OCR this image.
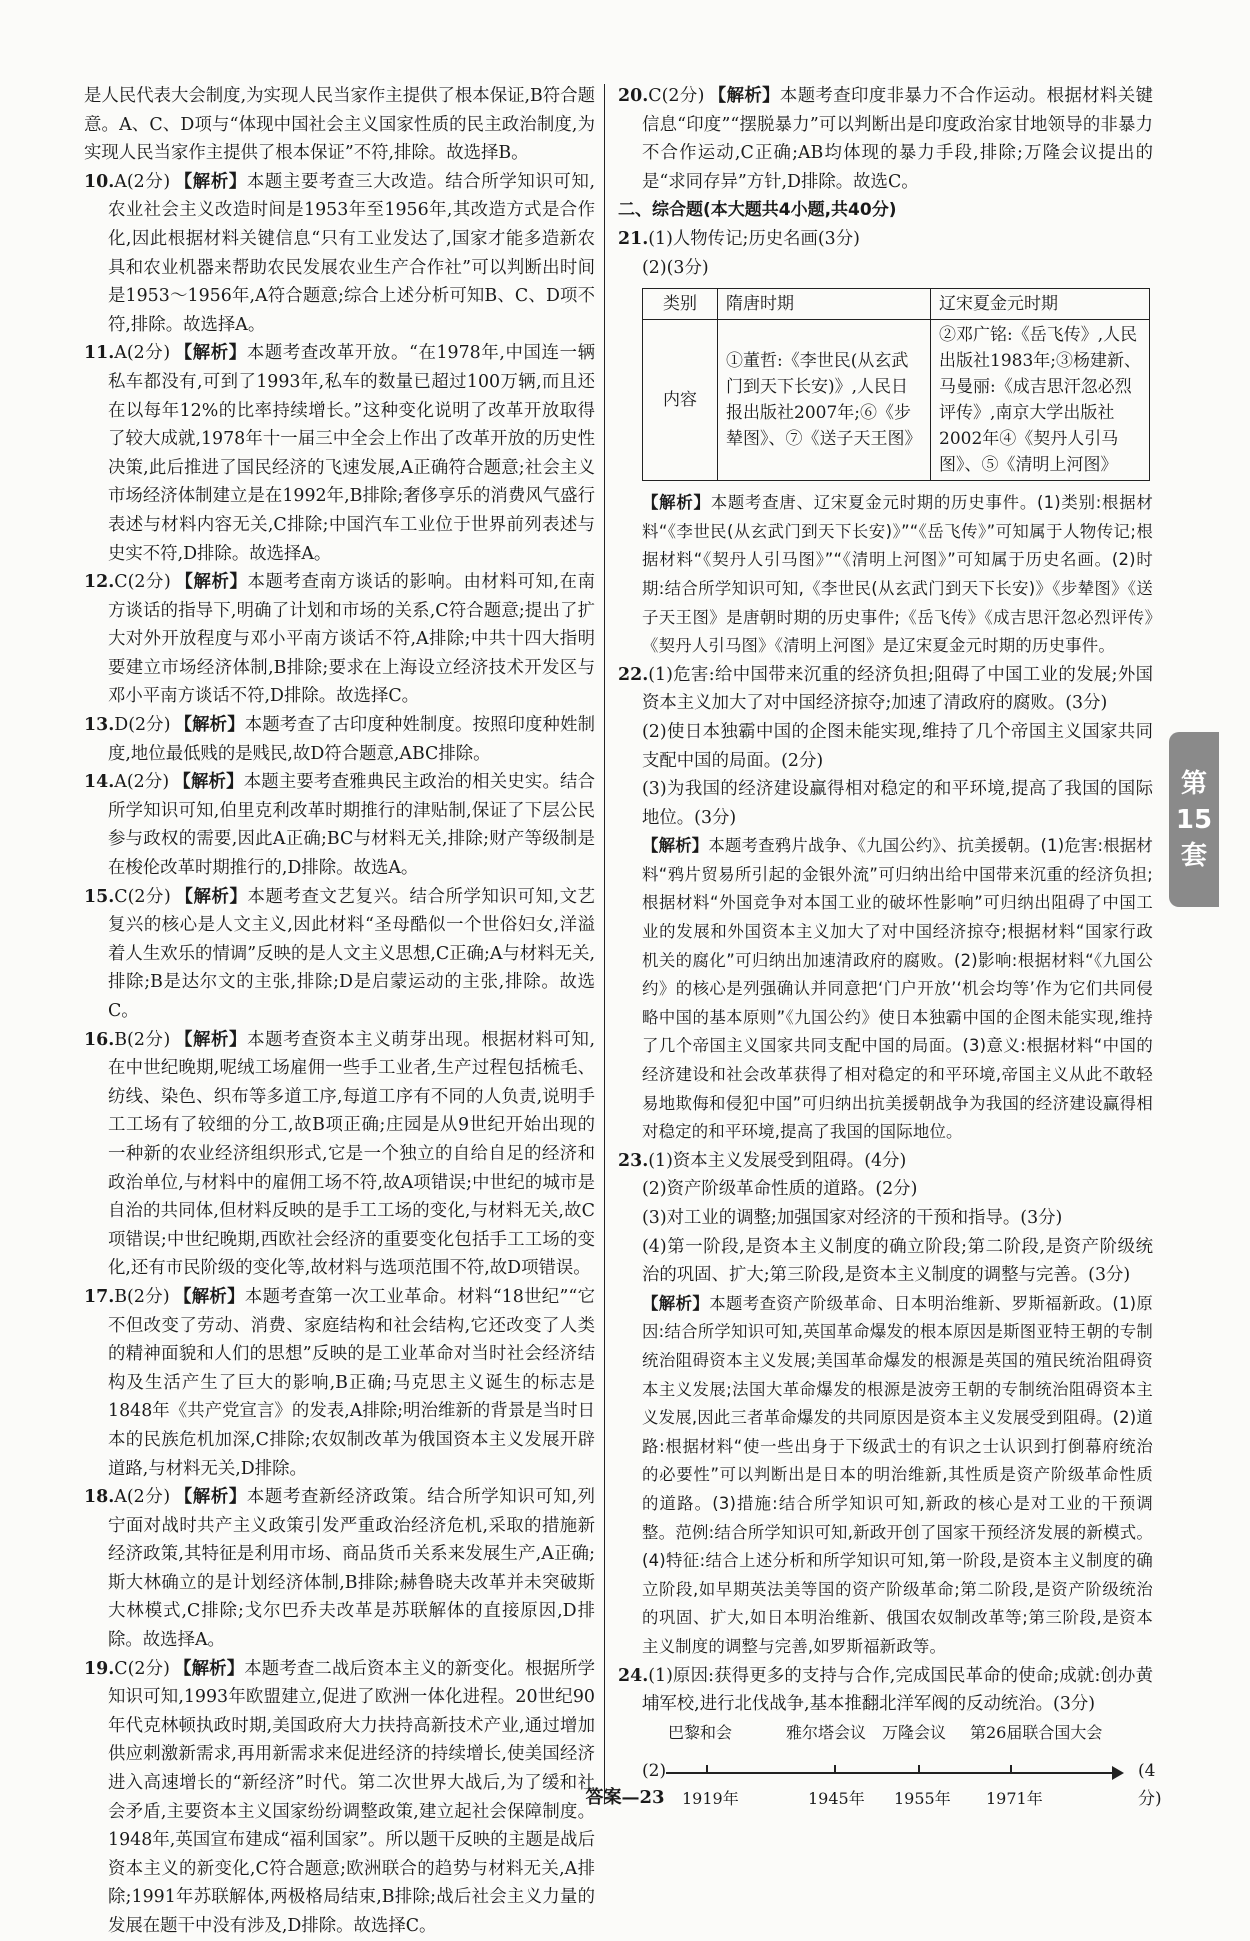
是人民代表大会制度,为实现人民当家作主提供了根本保证,B符合题意。A、C、D项与“体现中国社会主义国家性质的民主政治制度,为实现人民当家作主提供了根本保证”不符,排除。故选择B。

10.A(2分) 【解析】本题主要考查三大改造。结合所学知识可知,农业社会主义改造时间是1953年至1956年,其改造方式是合作化,因此根据材料关键信息“只有工业发达了,国家才能多造新农具和农业机器来帮助农民发展农业生产合作社”可以判断出时间是1953～1956年,A符合题意;综合上述分析可知B、C、D项不符,排除。故选择A。

11.A(2分) 【解析】本题考查改革开放。“在1978年,中国连一辆私车都没有,可到了1993年,私车的数量已超过100万辆,而且还在以每年12%的比率持续增长。”这种变化说明了改革开放取得了较大成就,1978年十一届三中全会上作出了改革开放的历史性决策,此后推进了国民经济的飞速发展,A正确符合题意;社会主义市场经济体制建立是在1992年,B排除;奢侈享乐的消费风气盛行表述与材料内容无关,C排除;中国汽车工业位于世界前列表述与史实不符,D排除。故选择A。

12.C(2分) 【解析】本题考查南方谈话的影响。由材料可知,在南方谈话的指导下,明确了计划和市场的关系,C符合题意;提出了扩大对外开放程度与邓小平南方谈话不符,A排除;中共十四大指明要建立市场经济体制,B排除;要求在上海设立经济技术开发区与邓小平南方谈话不符,D排除。故选择C。

13.D(2分) 【解析】本题考查了古印度种姓制度。按照印度种姓制度,地位最低贱的是贱民,故D符合题意,ABC排除。

14.A(2分) 【解析】本题主要考查雅典民主政治的相关史实。结合所学知识可知,伯里克利改革时期推行的津贴制,保证了下层公民参与政权的需要,因此A正确;BC与材料无关,排除;财产等级制是在梭伦改革时期推行的,D排除。故选A。

15.C(2分) 【解析】本题考查文艺复兴。结合所学知识可知,文艺复兴的核心是人文主义,因此材料“圣母酷似一个世俗妇女,洋溢着人生欢乐的情调”反映的是人文主义思想,C正确;A与材料无关,排除;B是达尔文的主张,排除;D是启蒙运动的主张,排除。故选C。

16.B(2分) 【解析】本题考查资本主义萌芽出现。根据材料可知,在中世纪晚期,呢绒工场雇佣一些手工业者,生产过程包括梳毛、纺线、染色、织布等多道工序,每道工序有不同的人负责,说明手工工场有了较细的分工,故B项正确;庄园是从9世纪开始出现的一种新的农业经济组织形式,它是一个独立的自给自足的经济和政治单位,与材料中的雇佣工场不符,故A项错误;中世纪的城市是自治的共同体,但材料反映的是手工工场的变化,与材料无关,故C项错误;中世纪晚期,西欧社会经济的重要变化包括手工工场的变化,还有市民阶级的变化等,故材料与选项范围不符,故D项错误。

17.B(2分) 【解析】本题考查第一次工业革命。材料“18世纪”“它不但改变了劳动、消费、家庭结构和社会结构,它还改变了人类的精神面貌和人们的思想”反映的是工业革命对当时社会经济结构及生活产生了巨大的影响,B正确;马克思主义诞生的标志是1848年《共产党宣言》的发表,A排除;明治维新的背景是当时日本的民族危机加深,C排除;农奴制改革为俄国资本主义发展开辟道路,与材料无关,D排除。

18.A(2分) 【解析】本题考查新经济政策。结合所学知识可知,列宁面对战时共产主义政策引发严重政治经济危机,采取的措施新经济政策,其特征是利用市场、商品货币关系来发展生产,A正确;斯大林确立的是计划经济体制,B排除;赫鲁晓夫改革并未突破斯大林模式,C排除;戈尔巴乔夫改革是苏联解体的直接原因,D排除。故选择A。

19.C(2分) 【解析】本题考查二战后资本主义的新变化。根据所学知识可知,1993年欧盟建立,促进了欧洲一体化进程。20世纪90年代克林顿执政时期,美国政府大力扶持高新技术产业,通过增加供应刺激新需求,再用新需求来促进经济的持续增长,使美国经济进入高速增长的“新经济”时代。第二次世界大战后,为了缓和社会矛盾,主要资本主义国家纷纷调整政策,建立起社会保障制度。1948年,英国宣布建成“福利国家”。所以题干反映的主题是战后资本主义的新变化,C符合题意;欧洲联合的趋势与材料无关,A排除;1991年苏联解体,两极格局结束,B排除;战后社会主义力量的发展在题干中没有涉及,D排除。故选择C。

20.C(2分) 【解析】本题考查印度非暴力不合作运动。根据材料关键信息“印度”“摆脱暴力”可以判断出是印度政治家甘地领导的非暴力不合作运动,C正确;AB均体现的暴力手段,排除;万隆会议提出的是“求同存异”方针,D排除。故选C。

二、综合题(本大题共4小题,共40分)

21.(1)人物传记;历史名画(3分)

(2)(3分)

类别	隋唐时期	辽宋夏金元时期
内容	①董哲:《李世民(从玄武门到天下长安)》,人民日报出版社2007年;⑥《步辇图》、⑦《送子天王图》	②邓广铭:《岳飞传》,人民出版社1983年;③杨建新、马曼丽:《成吉思汗忽必烈评传》,南京大学出版社2002年④《契丹人引马图》、⑤《清明上河图》

【解析】本题考查唐、辽宋夏金元时期的历史事件。(1)类别:根据材料“《李世民(从玄武门到天下长安)》”“《岳飞传》”可知属于人物传记;根据材料“《契丹人引马图》”“《清明上河图》”可知属于历史名画。(2)时期:结合所学知识可知,《李世民(从玄武门到天下长安)》《步辇图》《送子天王图》是唐朝时期的历史事件;《岳飞传》《成吉思汗忽必烈评传》《契丹人引马图》《清明上河图》是辽宋夏金元时期的历史事件。

22.(1)危害:给中国带来沉重的经济负担;阻碍了中国工业的发展;外国资本主义加大了对中国经济掠夺;加速了清政府的腐败。(3分)

(2)使日本独霸中国的企图未能实现,维持了几个帝国主义国家共同支配中国的局面。(2分)

(3)为我国的经济建设赢得相对稳定的和平环境,提高了我国的国际地位。(3分)

【解析】本题考查鸦片战争、《九国公约》、抗美援朝。(1)危害:根据材料“鸦片贸易所引起的金银外流”可归纳出给中国带来沉重的经济负担;根据材料“外国竞争对本国工业的破坏性影响”可归纳出阻碍了中国工业的发展和外国资本主义加大了对中国经济掠夺;根据材料“国家行政机关的腐化”可归纳出加速清政府的腐败。(2)影响:根据材料“《九国公约》的核心是列强确认并同意把‘门户开放’‘机会均等’作为它们共同侵略中国的基本原则”《九国公约》使日本独霸中国的企图未能实现,维持了几个帝国主义国家共同支配中国的局面。(3)意义:根据材料“中国的经济建设和社会改革获得了相对稳定的和平环境,帝国主义从此不敢轻易地欺侮和侵犯中国”可归纳出抗美援朝战争为我国的经济建设赢得相对稳定的和平环境,提高了我国的国际地位。

23.(1)资本主义发展受到阻碍。(4分)

(2)资产阶级革命性质的道路。(2分)

(3)对工业的调整;加强国家对经济的干预和指导。(3分)

(4)第一阶段,是资本主义制度的确立阶段;第二阶段,是资产阶级统治的巩固、扩大;第三阶段,是资本主义制度的调整与完善。(3分)

【解析】本题考查资产阶级革命、日本明治维新、罗斯福新政。(1)原因:结合所学知识可知,英国革命爆发的根本原因是斯图亚特王朝的专制统治阻碍资本主义发展;美国革命爆发的根源是英国的殖民统治阻碍资本主义发展;法国大革命爆发的根源是波旁王朝的专制统治阻碍资本主义发展,因此三者革命爆发的共同原因是资本主义发展受到阻碍。(2)道路:根据材料“使一些出身于下级武士的有识之士认识到打倒幕府统治的必要性”可以判断出是日本的明治维新,其性质是资产阶级革命性质的道路。(3)措施:结合所学知识可知,新政的核心是对工业的干预调整。范例:结合所学知识可知,新政开创了国家干预经济发展的新模式。(4)特征:结合上述分析和所学知识可知,第一阶段,是资本主义制度的确立阶段,如早期英法美等国的资产阶级革命;第二阶段,是资产阶级统治的巩固、扩大,如日本明治维新、俄国农奴制改革等;第三阶段,是资本主义制度的调整与完善,如罗斯福新政等。

24.(1)原因:获得更多的支持与合作,完成国民革命的使命;成就:创办黄埔军校,进行北伐战争,基本推翻北洋军阀的反动统治。(3分)

巴黎和会	雅尔塔会议 万隆会议 第26届联合国大会
(2)
1919年	1945年 1955年 1971年
(4分)
第
15
套
答案—23
